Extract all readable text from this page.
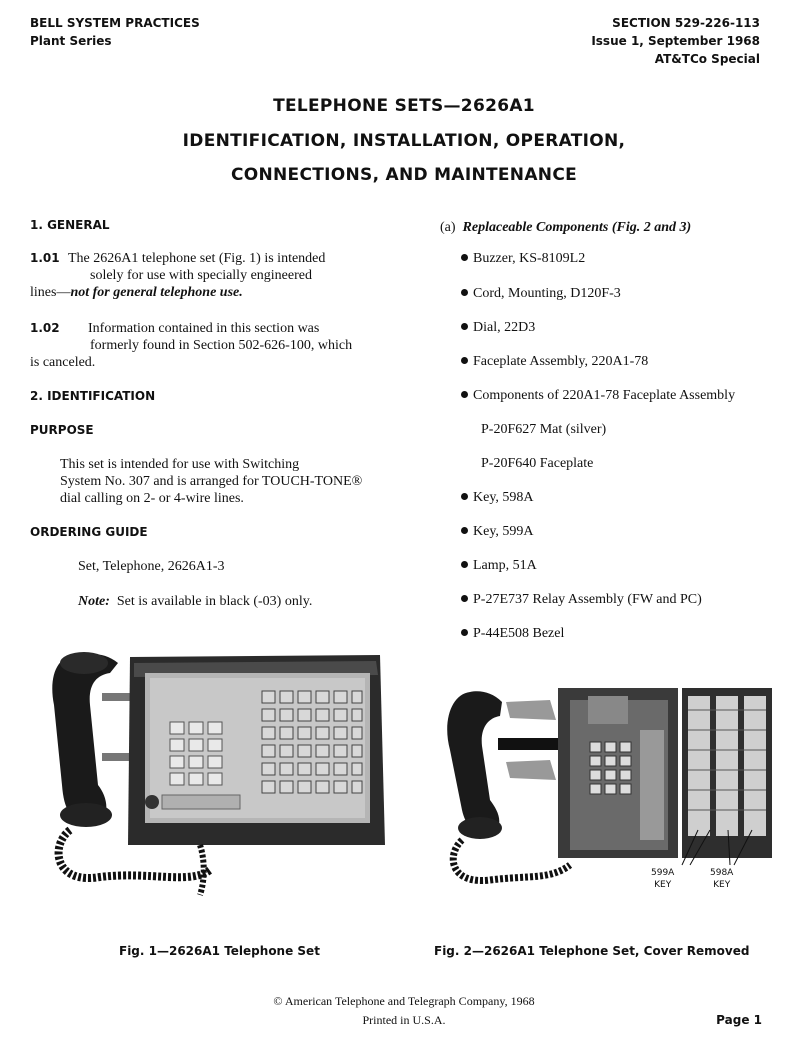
BELL SYSTEM PRACTICES
Plant Series
SECTION 529-226-113
Issue 1, September 1968
AT&TCo Special
TELEPHONE SETS—2626A1
IDENTIFICATION, INSTALLATION, OPERATION,
CONNECTIONS, AND MAINTENANCE
1. GENERAL
1.01 The 2626A1 telephone set (Fig. 1) is intended
solely for use with specially engineered
lines—not for general telephone use.
1.02 Information contained in this section was
formerly found in Section 502-626-100, which
is canceled.
2. IDENTIFICATION
PURPOSE
This set is intended for use with Switching
System No. 307 and is arranged for TOUCH-TONE®
dial calling on 2- or 4-wire lines.
ORDERING GUIDE
Set, Telephone, 2626A1-3
Note: Set is available in black (-03) only.
(a) Replaceable Components (Fig. 2 and 3)
Buzzer, KS-8109L2
Cord, Mounting, D120F-3
Dial, 22D3
Faceplate Assembly, 220A1-78
Components of 220A1-78 Faceplate Assembly
P-20F627 Mat (silver)
P-20F640 Faceplate
Key, 598A
Key, 599A
Lamp, 51A
P-27E737 Relay Assembly (FW and PC)
P-44E508 Bezel
599A
KEY
598A
KEY
Fig. 1—2626A1 Telephone Set	Fig. 2—2626A1 Telephone Set, Cover Removed
© American Telephone and Telegraph Company, 1968
Printed in U.S.A.	Page 1
